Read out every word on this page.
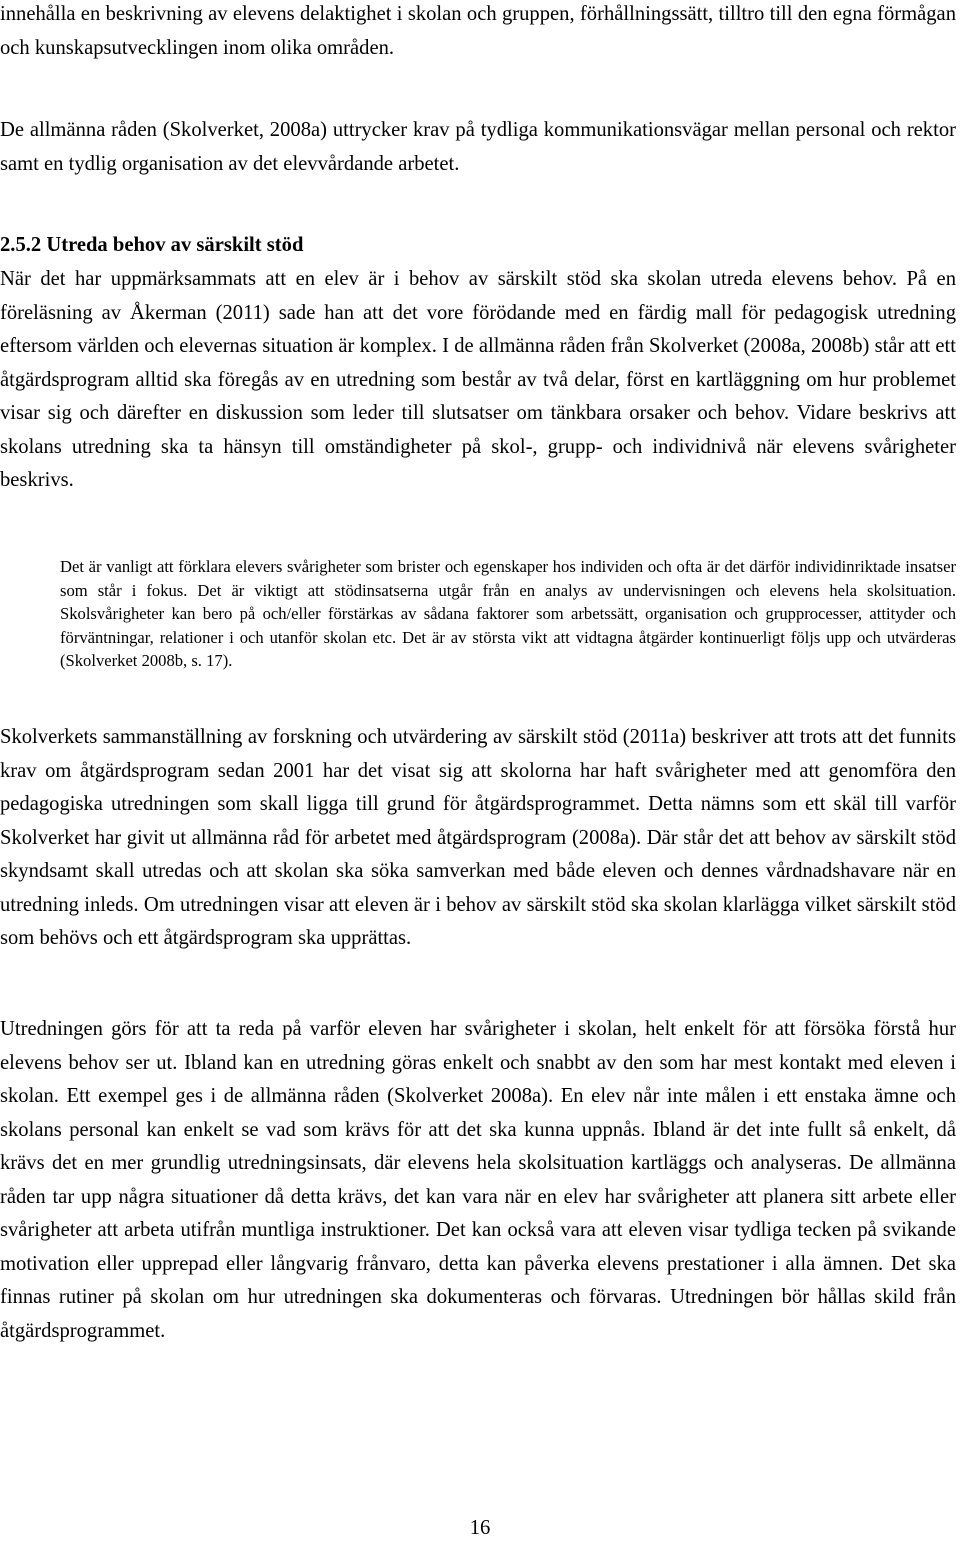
innehålla en beskrivning av elevens delaktighet i skolan och gruppen, förhållningssätt, tilltro till den egna förmågan och kunskapsutvecklingen inom olika områden.

De allmänna råden (Skolverket, 2008a) uttrycker krav på tydliga kommunikationsvägar mellan personal och rektor samt en tydlig organisation av det elevvårdande arbetet.

2.5.2 Utreda behov av särskilt stöd

När det har uppmärksammats att en elev är i behov av särskilt stöd ska skolan utreda elevens behov. På en föreläsning av Åkerman (2011) sade han att det vore förödande med en färdig mall för pedagogisk utredning eftersom världen och elevernas situation är komplex. I de allmänna råden från Skolverket (2008a, 2008b) står att ett åtgärdsprogram alltid ska föregås av en utredning som består av två delar, först en kartläggning om hur problemet visar sig och därefter en diskussion som leder till slutsatser om tänkbara orsaker och behov. Vidare beskrivs att skolans utredning ska ta hänsyn till omständigheter på skol-, grupp- och individnivå när elevens svårigheter beskrivs.

Det är vanligt att förklara elevers svårigheter som brister och egenskaper hos individen och ofta är det därför individinriktade insatser som står i fokus. Det är viktigt att stödinsatserna utgår från en analys av undervisningen och elevens hela skolsituation. Skolsvårigheter kan bero på och/eller förstärkas av sådana faktorer som arbetssätt, organisation och grupprocesser, attityder och förväntningar, relationer i och utanför skolan etc. Det är av största vikt att vidtagna åtgärder kontinuerligt följs upp och utvärderas (Skolverket 2008b, s. 17).

Skolverkets sammanställning av forskning och utvärdering av särskilt stöd (2011a) beskriver att trots att det funnits krav om åtgärdsprogram sedan 2001 har det visat sig att skolorna har haft svårigheter med att genomföra den pedagogiska utredningen som skall ligga till grund för åtgärdsprogrammet. Detta nämns som ett skäl till varför Skolverket har givit ut allmänna råd för arbetet med åtgärdsprogram (2008a). Där står det att behov av särskilt stöd skyndsamt skall utredas och att skolan ska söka samverkan med både eleven och dennes vårdnadshavare när en utredning inleds. Om utredningen visar att eleven är i behov av särskilt stöd ska skolan klarlägga vilket särskilt stöd som behövs och ett åtgärdsprogram ska upprättas.

Utredningen görs för att ta reda på varför eleven har svårigheter i skolan, helt enkelt för att försöka förstå hur elevens behov ser ut. Ibland kan en utredning göras enkelt och snabbt av den som har mest kontakt med eleven i skolan. Ett exempel ges i de allmänna råden (Skolverket 2008a). En elev når inte målen i ett enstaka ämne och skolans personal kan enkelt se vad som krävs för att det ska kunna uppnås. Ibland är det inte fullt så enkelt, då krävs det en mer grundlig utredningsinsats, där elevens hela skolsituation kartläggs och analyseras. De allmänna råden tar upp några situationer då detta krävs, det kan vara när en elev har svårigheter att planera sitt arbete eller svårigheter att arbeta utifrån muntliga instruktioner. Det kan också vara att eleven visar tydliga tecken på svikande motivation eller upprepad eller långvarig frånvaro, detta kan påverka elevens prestationer i alla ämnen. Det ska finnas rutiner på skolan om hur utredningen ska dokumenteras och förvaras. Utredningen bör hållas skild från åtgärdsprogrammet.

16
